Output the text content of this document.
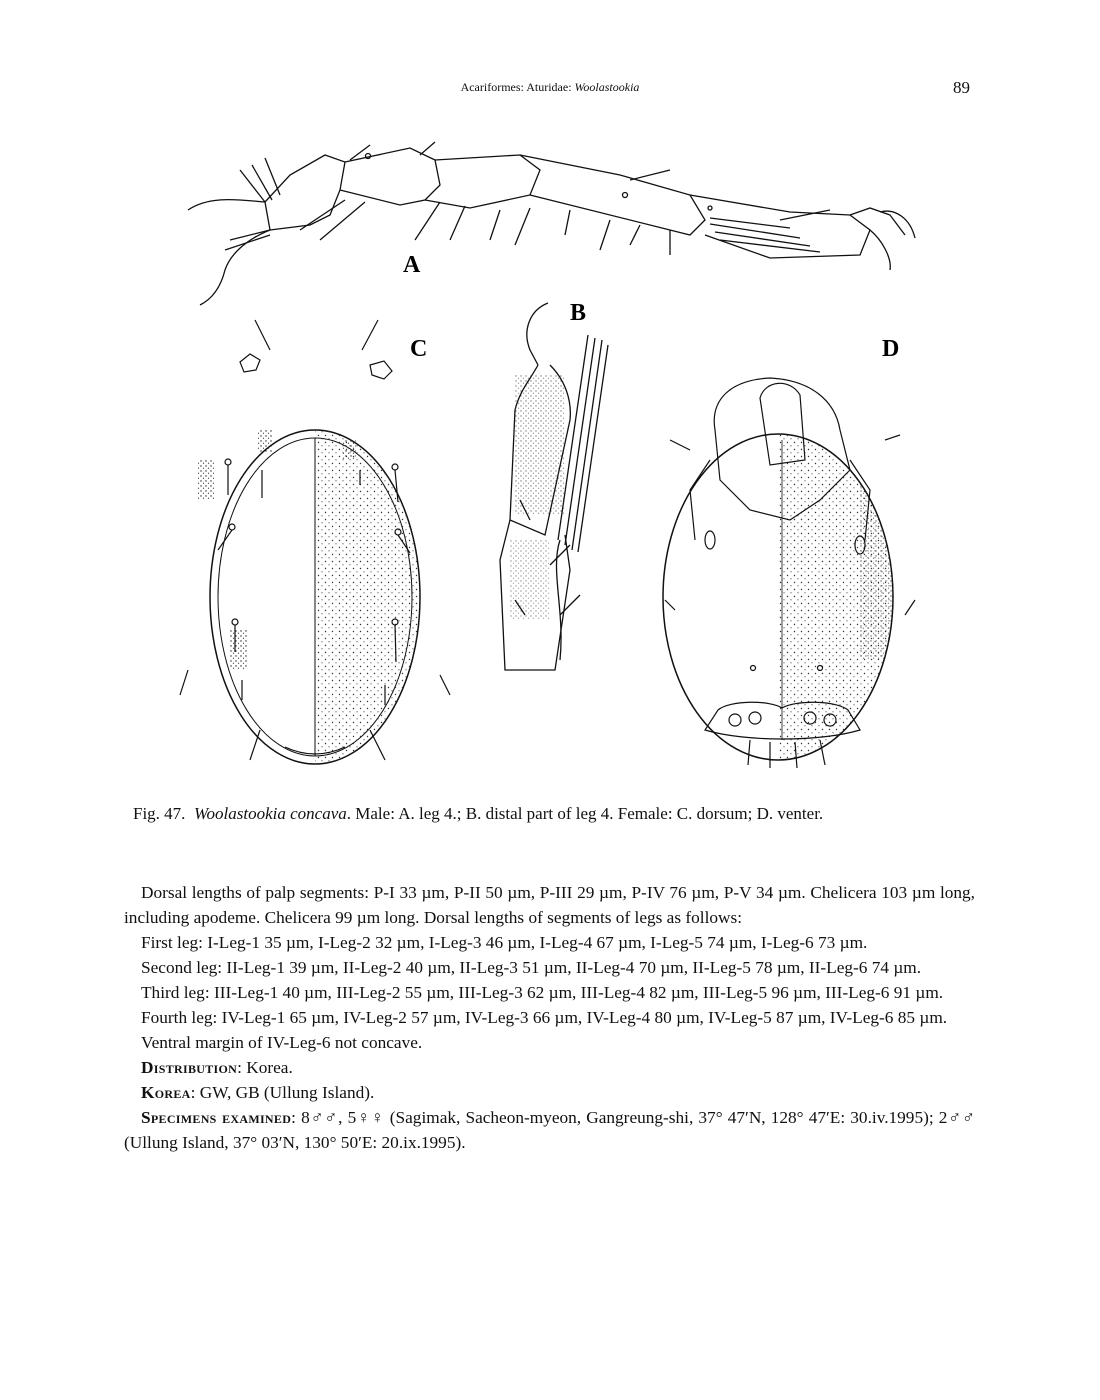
Acariformes: Aturidae: Woolastookia	89
A
C
B
D
Fig. 47. Woolastookia concava. Male: A. leg 4.; B. distal part of leg 4. Female: C. dorsum; D. venter.

Dorsal lengths of palp segments: P-I 33 µm, P-II 50 µm, P-III 29 µm, P-IV 76 µm, P-V 34 µm. Chelicera 103 µm long, including apodeme. Chelicera 99 µm long. Dorsal lengths of segments of legs as follows:

First leg: I-Leg-1 35 µm, I-Leg-2 32 µm, I-Leg-3 46 µm, I-Leg-4 67 µm, I-Leg-5 74 µm, I-Leg-6 73 µm.

Second leg: II-Leg-1 39 µm, II-Leg-2 40 µm, II-Leg-3 51 µm, II-Leg-4 70 µm, II-Leg-5 78 µm, II-Leg-6 74 µm.

Third leg: III-Leg-1 40 µm, III-Leg-2 55 µm, III-Leg-3 62 µm, III-Leg-4 82 µm, III-Leg-5 96 µm, III-Leg-6 91 µm.

Fourth leg: IV-Leg-1 65 µm, IV-Leg-2 57 µm, IV-Leg-3 66 µm, IV-Leg-4 80 µm, IV-Leg-5 87 µm, IV-Leg-6 85 µm.

Ventral margin of IV-Leg-6 not concave.

Distribution: Korea.

Korea: GW, GB (Ullung Island).

Specimens examined: 8♂♂, 5♀♀ (Sagimak, Sacheon-myeon, Gangreung-shi, 37° 47′N, 128° 47′E: 30.iv.1995); 2♂♂ (Ullung Island, 37° 03′N, 130° 50′E: 20.ix.1995).
